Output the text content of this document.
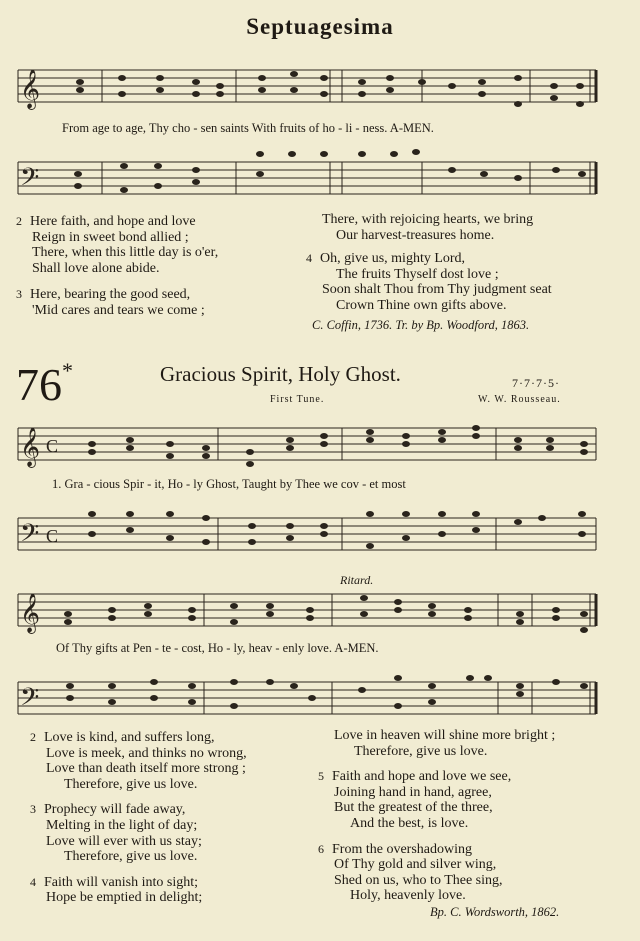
Septuagesima
𝄞
From age to age, Thy cho - sen saints With fruits of ho - li - ness. A-MEN.
𝄢
2 Here faith, and hope and love
Reign in sweet bond allied ;
There, when this little day is o'er,
Shall love alone abide.
3 Here, bearing the good seed,
'Mid cares and tears we come ;
There, with rejoicing hearts, we bring
Our harvest-treasures home.
4 Oh, give us, mighty Lord,
The fruits Thyself dost love ;
Soon shalt Thou from Thy judgment seat
Crown Thine own gifts above.
C. Coffin, 1736. Tr. by Bp. Woodford, 1863.
76*	Gracious Spirit, Holy Ghost.	7·7·7·5·
First Tune.	W. W. Rousseau.
𝄞 C
1. Gra - cious Spir - it, Ho - ly Ghost, Taught by Thee we cov - et most
𝄢 C
Ritard.
𝄞
Of Thy gifts at Pen - te - cost, Ho - ly, heav - enly love. A-MEN.
𝄢
2 Love is kind, and suffers long,
Love is meek, and thinks no wrong,
Love than death itself more strong ;
Therefore, give us love.
3 Prophecy will fade away,
Melting in the light of day;
Love will ever with us stay;
Therefore, give us love.
4 Faith will vanish into sight;
Hope be emptied in delight;
Love in heaven will shine more bright ;
Therefore, give us love.
5 Faith and hope and love we see,
Joining hand in hand, agree,
But the greatest of the three,
And the best, is love.
6 From the overshadowing
Of Thy gold and silver wing,
Shed on us, who to Thee sing,
Holy, heavenly love.
Bp. C. Wordsworth, 1862.
